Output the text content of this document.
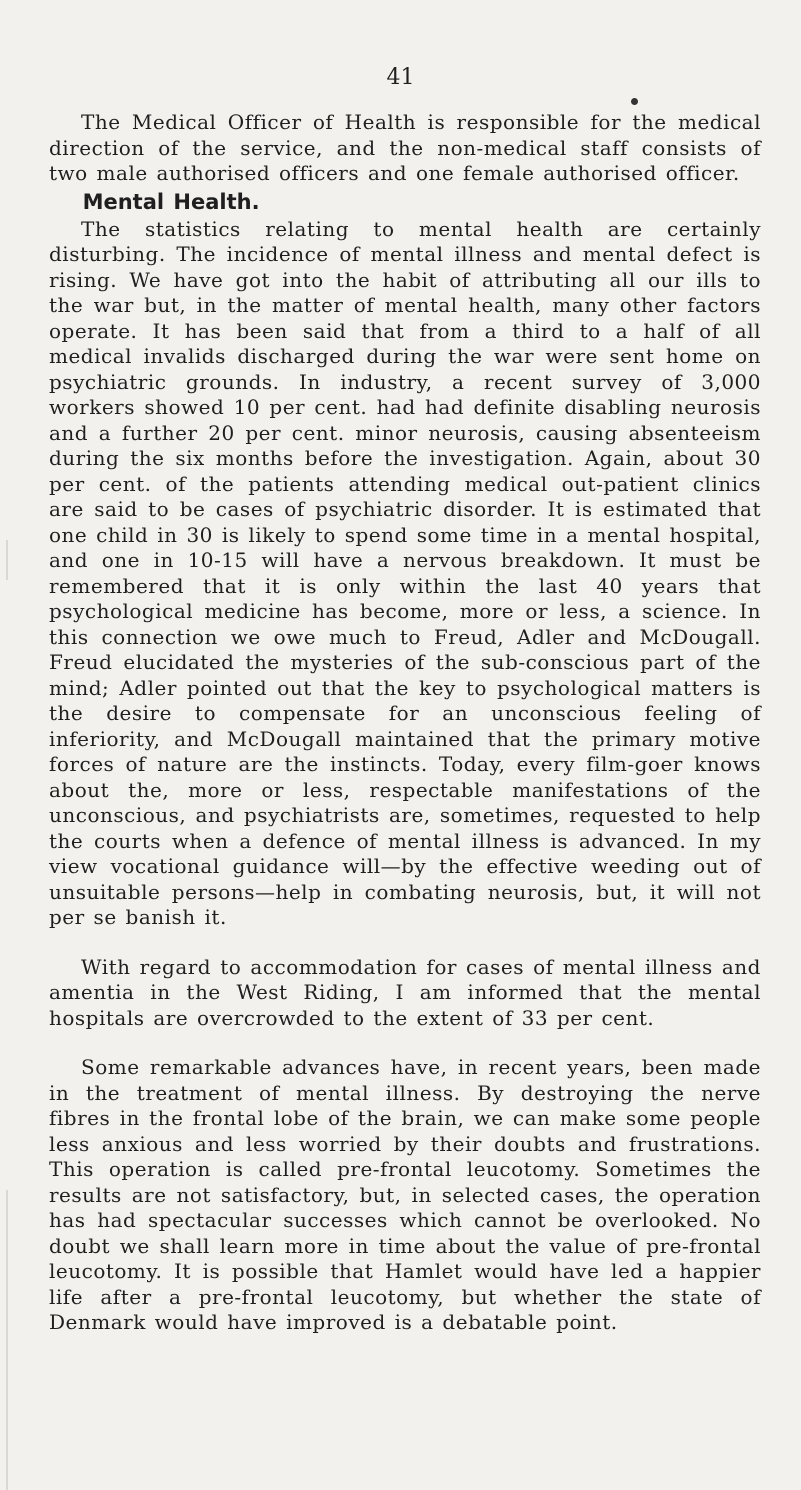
41

The Medical Officer of Health is responsible for the medical direction of the service, and the non-medical staff consists of two male authorised officers and one female authorised officer.

Mental Health.

The statistics relating to mental health are certainly disturbing. The incidence of mental illness and mental defect is rising. We have got into the habit of attributing all our ills to the war but, in the matter of mental health, many other factors operate. It has been said that from a third to a half of all medical invalids discharged during the war were sent home on psychiatric grounds. In industry, a recent survey of 3,000 workers showed 10 per cent. had had definite disabling neurosis and a further 20 per cent. minor neurosis, causing absenteeism during the six months before the investigation. Again, about 30 per cent. of the patients attending medical out-patient clinics are said to be cases of psychiatric disorder. It is estimated that one child in 30 is likely to spend some time in a mental hospital, and one in 10-15 will have a nervous breakdown. It must be remembered that it is only within the last 40 years that psychological medicine has become, more or less, a science. In this connection we owe much to Freud, Adler and McDougall. Freud elucidated the mysteries of the sub-conscious part of the mind; Adler pointed out that the key to psychological matters is the desire to compensate for an unconscious feeling of inferiority, and McDougall maintained that the primary motive forces of nature are the instincts. Today, every film-goer knows about the, more or less, respectable manifestations of the unconscious, and psychiatrists are, sometimes, requested to help the courts when a defence of mental illness is advanced. In my view vocational guidance will—by the effective weeding out of unsuitable persons—help in combating neurosis, but, it will not per se banish it.

With regard to accommodation for cases of mental illness and amentia in the West Riding, I am informed that the mental hospitals are overcrowded to the extent of 33 per cent.

Some remarkable advances have, in recent years, been made in the treatment of mental illness. By destroying the nerve fibres in the frontal lobe of the brain, we can make some people less anxious and less worried by their doubts and frustrations. This operation is called pre-frontal leucotomy. Sometimes the results are not satisfactory, but, in selected cases, the operation has had spectacular successes which cannot be overlooked. No doubt we shall learn more in time about the value of pre-frontal leucotomy. It is possible that Hamlet would have led a happier life after a pre-frontal leucotomy, but whether the state of Denmark would have improved is a debatable point.
